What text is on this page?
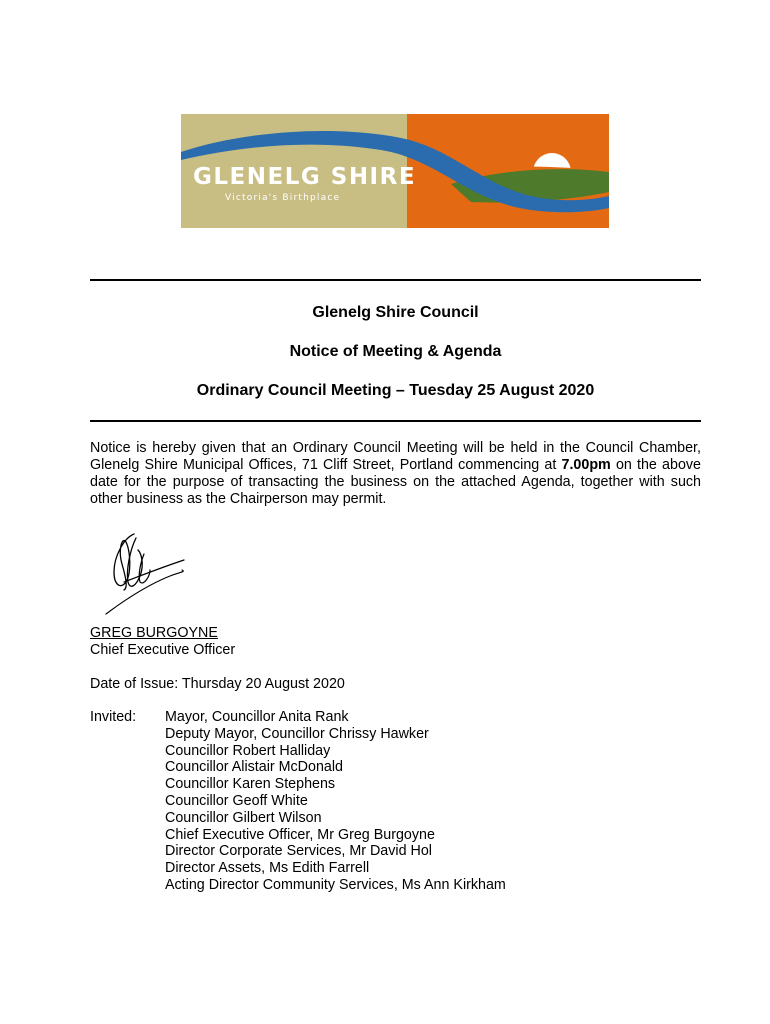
GLENELG SHIRE
Victoria's Birthplace
Glenelg Shire Council
Notice of Meeting & Agenda
Ordinary Council Meeting – Tuesday 25 August 2020
Notice is hereby given that an Ordinary Council Meeting will be held in the Council Chamber, Glenelg Shire Municipal Offices, 71 Cliff Street, Portland commencing at 7.00pm on the above date for the purpose of transacting the business on the attached Agenda, together with such other business as the Chairperson may permit.
GREG BURGOYNE
Chief Executive Officer
Date of Issue: Thursday 20 August 2020
Invited: Mayor, Councillor Anita Rank
Deputy Mayor, Councillor Chrissy Hawker
Councillor Robert Halliday
Councillor Alistair McDonald
Councillor Karen Stephens
Councillor Geoff White
Councillor Gilbert Wilson
Chief Executive Officer, Mr Greg Burgoyne
Director Corporate Services, Mr David Hol
Director Assets, Ms Edith Farrell
Acting Director Community Services, Ms Ann Kirkham
